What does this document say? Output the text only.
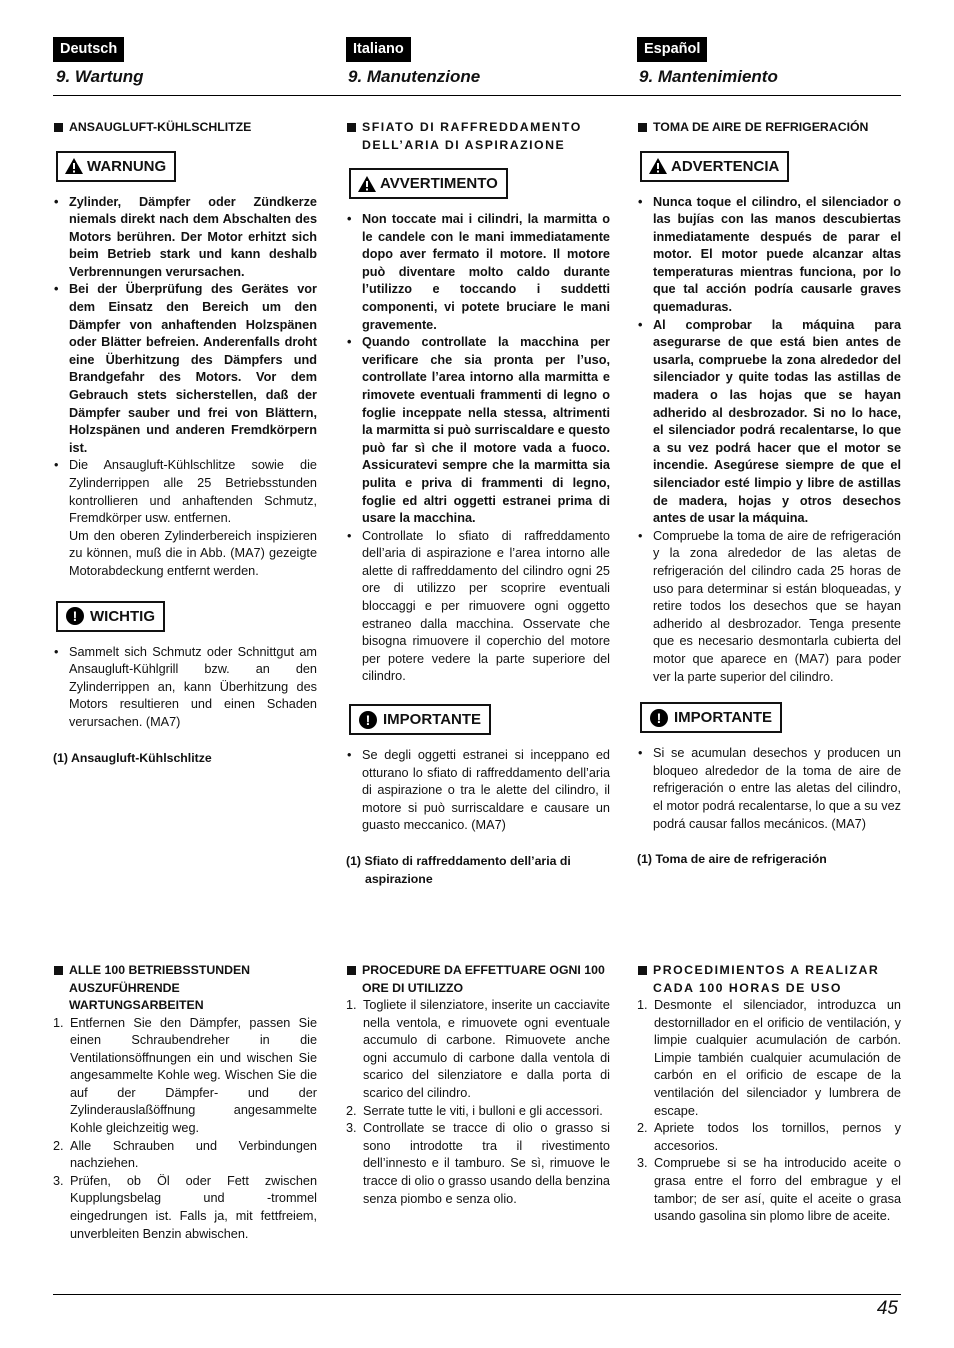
Deutsch	Italiano	Español
9. Wartung	9. Manutenzione	9. Mantenimiento
ANSAUGLUFT-KÜHLSCHLITZE
WARNUNG
• Zylinder, Dämpfer oder Zündkerze niemals direkt nach dem Abschalten des Motors berühren. Der Motor erhitzt sich beim Betrieb stark und kann deshalb Verbrennungen verursachen.
• Bei der Überprüfung des Gerätes vor dem Einsatz den Bereich um den Dämpfer von anhaftenden Holzspänen oder Blätter befreien. Anderenfalls droht eine Überhitzung des Dämpfers und Brandgefahr des Motors. Vor dem Gebrauch stets sicherstellen, daß der Dämpfer sauber und frei von Blättern, Holzspänen und anderen Fremdkörpern ist.
• Die Ansaugluft-Kühlschlitze sowie die Zylinderrippen alle 25 Betriebsstunden kontrollieren und anhaftenden Schmutz, Fremdkörper usw. entfernen.

Um den oberen Zylinderbereich inspizieren zu können, muß die in Abb. (MA7) gezeigte Motorabdeckung entfernt werden.

! WICHTIG
• Sammelt sich Schmutz oder Schnittgut am Ansaugluft-Kühlgrill bzw. an den Zylinderrippen an, kann Überhitzung des Motors resultieren und einen Schaden verursachen. (MA7)
(1) Ansaugluft-Kühlschlitze
SFIATO DI RAFFREDDAMENTO DELL’ARIA DI ASPIRAZIONE
AVVERTIMENTO
• Non toccate mai i cilindri, la marmitta o le candele con le mani immediatamente dopo aver fermato il motore. Il motore può diventare molto caldo durante l’utilizzo e toccando i suddetti componenti, vi potete bruciare le mani gravemente.
• Quando controllate la macchina per verificare che sia pronta per l’uso, controllate l’area intorno alla marmitta e rimovete eventuali frammenti di legno o foglie inceppate nella stessa, altrimenti la marmitta si può surriscaldare e questo può far sì che il motore vada a fuoco. Assicuratevi sempre che la marmitta sia pulita e priva di frammenti di legno, foglie ed altri oggetti estranei prima di usare la macchina.
• Controllate lo sfiato di raffreddamento dell’aria di aspirazione e l’area intorno alle alette di raffreddamento del cilindro ogni 25 ore di utilizzo per scoprire eventuali bloccaggi e per rimuovere ogni oggetto estraneo dalla macchina. Osservate che bisogna rimuovere il coperchio del motore per potere vedere la parte superiore del cilindro.
! IMPORTANTE
• Se degli oggetti estranei si inceppano ed otturano lo sfiato di raffreddamento dell’aria di aspirazione o tra le alette del cilindro, il motore si può surriscaldare e causare un guasto meccanico. (MA7)
(1) Sfiato di raffreddamento dell’aria di aspirazione
TOMA DE AIRE DE REFRIGERACIÓN
ADVERTENCIA
• Nunca toque el cilindro, el silenciador o las bujías con las manos descubiertas inmediatamente después de parar el motor. El motor puede alcanzar altas temperaturas mientras funciona, por lo que tal acción podría causarle graves quemaduras.
• Al comprobar la máquina para asegurarse de que está bien antes de usarla, compruebe la zona alrededor del silenciador y quite todas las astillas de madera o las hojas que se hayan adherido al desbrozador. Si no lo hace, el silenciador podrá recalentarse, lo que a su vez podrá hacer que el motor se incendie. Asegúrese siempre de que el silenciador esté limpio y libre de astillas de madera, hojas y otros desechos antes de usar la máquina.
• Compruebe la toma de aire de refrigeración y la zona alrededor de las aletas de refrigeración del cilindro cada 25 horas de uso para determinar si están bloqueadas, y retire todos los desechos que se hayan adherido al desbrozador. Tenga presente que es necesario desmontarla cubierta del motor que aparece en (MA7) para poder ver la parte superior del cilindro.
! IMPORTANTE
• Si se acumulan desechos y producen un bloqueo alrededor de la toma de aire de refrigeración o entre las aletas del cilindro, el motor podrá recalentarse, lo que a su vez podrá causar fallos mecánicos. (MA7)
(1) Toma de aire de refrigeración
ALLE 100 BETRIEBSSTUNDEN AUSZUFÜHRENDE WARTUNGSARBEITEN
1. Entfernen Sie den Dämpfer, passen Sie einen Schraubendreher in die Ventilationsöffnungen ein und wischen Sie angesammelte Kohle weg. Wischen Sie die auf der Dämpfer- und der Zylinderauslaßöffnung angesammelte Kohle gleichzeitig weg.
2. Alle Schrauben und Verbindungen nachziehen.
3. Prüfen, ob Öl oder Fett zwischen Kupplungsbelag und -trommel eingedrungen ist. Falls ja, mit fettfreiem, unverbleiten Benzin abwischen.
PROCEDURE DA EFFETTUARE OGNI 100 ORE DI UTILIZZO
1. Togliete il silenziatore, inserite un cacciavite nella ventola, e rimuovete ogni eventuale accumulo di carbone. Rimuovete anche ogni accumulo di carbone dalla ventola di scarico del silenziatore e dalla porta di scarico del cilindro.
2. Serrate tutte le viti, i bulloni e gli accessori.
3. Controllate se tracce di olio o grasso si sono introdotte tra il rivestimento dell’innesto e il tamburo. Se sì, rimuove le tracce di olio o grasso usando della benzina senza piombo e senza olio.
PROCEDIMIENTOS A REALIZAR CADA 100 HORAS DE USO
1. Desmonte el silenciador, introduzca un destornillador en el orificio de ventilación, y limpie cualquier acumulación de carbón. Limpie también cualquier acumulación de carbón en el orificio de escape de la ventilación del silenciador y lumbrera de escape.
2. Apriete todos los tornillos, pernos y accesorios.
3. Compruebe si se ha introducido aceite o grasa entre el forro del embrague y el tambor; de ser así, quite el aceite o grasa usando gasolina sin plomo libre de aceite.
45
